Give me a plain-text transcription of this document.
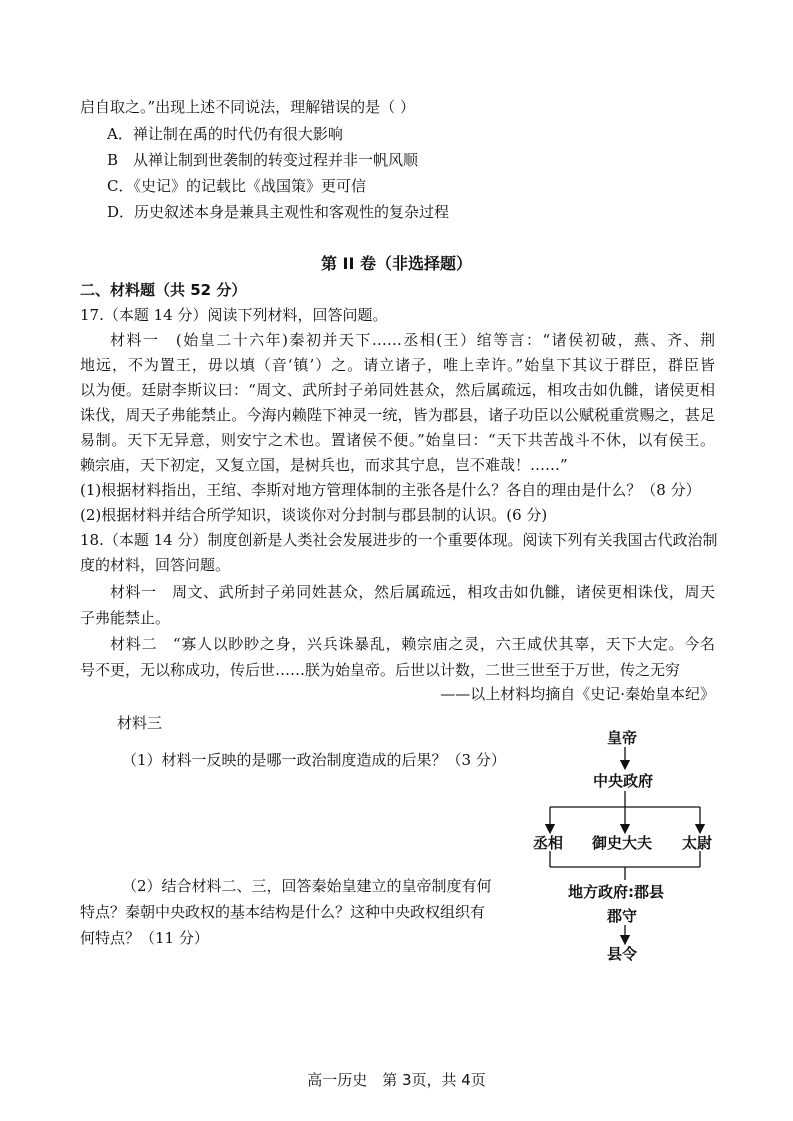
启自取之。”出现上述不同说法，理解错误的是（ ）
A．禅让制在禹的时代仍有很大影响
B　从禅让制到世袭制的转变过程并非一帆风顺
C．《史记》的记载比《战国策》更可信
D．历史叙述本身是兼具主观性和客观性的复杂过程
第 II 卷（非选择题）
二、材料题（共 52 分）
17.（本题 14 分）阅读下列材料，回答问题。
材料一　(始皇二十六年)秦初并天下……丞相(王）绾等言：“诸侯初破，燕、齐、荆
地远，不为置王，毋以填（音‘镇’）之。请立诸子，唯上幸许。”始皇下其议于群臣，群臣皆
以为便。廷尉李斯议曰：“周文、武所封子弟同姓甚众，然后属疏远，相攻击如仇雠，诸侯更相
诛伐，周天子弗能禁止。今海内赖陛下神灵一统，皆为郡县，诸子功臣以公赋税重赏赐之，甚足
易制。天下无异意，则安宁之术也。置诸侯不便。”始皇曰：“天下共苦战斗不休，以有侯王。
赖宗庙，天下初定，又复立国，是树兵也，而求其宁息，岂不难哉！……”
(1)根据材料指出，王绾、李斯对地方管理体制的主张各是什么？各自的理由是什么？（8 分）
(2)根据材料并结合所学知识，谈谈你对分封制与郡县制的认识。(6 分)
18.（本题 14 分）制度创新是人类社会发展进步的一个重要体现。阅读下列有关我国古代政治制
度的材料，回答问题。
材料一　周文、武所封子弟同姓甚众，然后属疏远，相攻击如仇雠，诸侯更相诛伐，周天
子弗能禁止。
材料二　“寡人以眇眇之身，兴兵诛暴乱，赖宗庙之灵，六王咸伏其辜，天下大定。今名
号不更，无以称成功，传后世……朕为始皇帝。后世以计数，二世三世至于万世，传之无穷
——以上材料均摘自《史记·秦始皇本纪》
材料三
（1）材料一反映的是哪一政治制度造成的后果？（3 分）
（2）结合材料二、三，回答秦始皇建立的皇帝制度有何
特点？秦朝中央政权的基本结构是什么？这种中央政权组织有
何特点？（11 分）
皇帝
中央政府
丞相 御史大夫 太尉
地方政府:郡县
郡守
县令
高一历史　第 3页，共 4页
